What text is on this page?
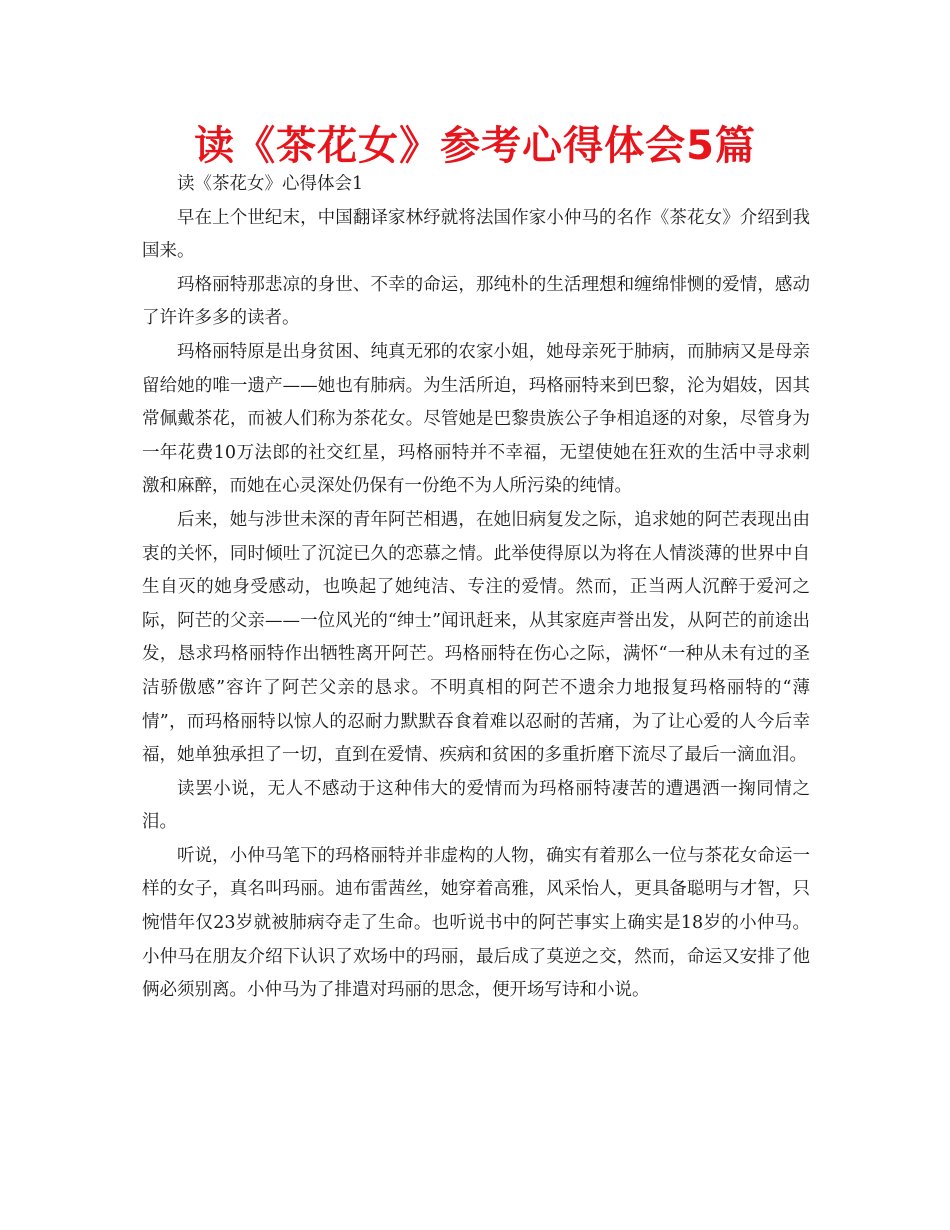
读《茶花女》参考心得体会5篇

读《茶花女》心得体会1

早在上个世纪末，中国翻译家林纾就将法国作家小仲马的名作《茶花女》介绍到我国来。

玛格丽特那悲凉的身世、不幸的命运，那纯朴的生活理想和缠绵悱恻的爱情，感动了许许多多的读者。

玛格丽特原是出身贫困、纯真无邪的农家小姐，她母亲死于肺病，而肺病又是母亲留给她的唯一遗产——她也有肺病。为生活所迫，玛格丽特来到巴黎，沦为娼妓，因其常佩戴茶花，而被人们称为茶花女。尽管她是巴黎贵族公子争相追逐的对象，尽管身为一年花费10万法郎的社交红星，玛格丽特并不幸福，无望使她在狂欢的生活中寻求刺激和麻醉，而她在心灵深处仍保有一份绝不为人所污染的纯情。

后来，她与涉世未深的青年阿芒相遇，在她旧病复发之际，追求她的阿芒表现出由衷的关怀，同时倾吐了沉淀已久的恋慕之情。此举使得原以为将在人情淡薄的世界中自生自灭的她身受感动，也唤起了她纯洁、专注的爱情。然而，正当两人沉醉于爱河之际，阿芒的父亲——一位风光的“绅士”闻讯赶来，从其家庭声誉出发，从阿芒的前途出发，恳求玛格丽特作出牺牲离开阿芒。玛格丽特在伤心之际，满怀“一种从未有过的圣洁骄傲感”容许了阿芒父亲的恳求。不明真相的阿芒不遗余力地报复玛格丽特的“薄情”，而玛格丽特以惊人的忍耐力默默吞食着难以忍耐的苦痛，为了让心爱的人今后幸福，她单独承担了一切，直到在爱情、疾病和贫困的多重折磨下流尽了最后一滴血泪。

读罢小说，无人不感动于这种伟大的爱情而为玛格丽特凄苦的遭遇洒一掬同情之泪。

听说，小仲马笔下的玛格丽特并非虚构的人物，确实有着那么一位与茶花女命运一样的女子，真名叫玛丽。迪布雷茜丝，她穿着高雅，风采怡人，更具备聪明与才智，只惋惜年仅23岁就被肺病夺走了生命。也听说书中的阿芒事实上确实是18岁的小仲马。小仲马在朋友介绍下认识了欢场中的玛丽，最后成了莫逆之交，然而，命运又安排了他俩必须别离。小仲马为了排遣对玛丽的思念，便开场写诗和小说。
